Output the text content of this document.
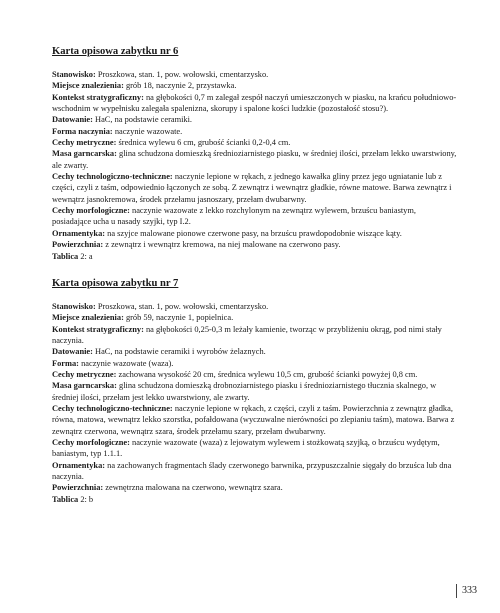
Karta opisowa zabytku nr 6

Stanowisko: Proszkowa, stan. 1, pow. wołowski, cmentarzysko.

Miejsce znalezienia: grób 18, naczynie 2, przystawka.

Kontekst stratygraficzny: na głębokości 0,7 m zalegał zespół naczyń umieszczonych w piasku, na krańcu południowo-wschodnim w wypełnisku zalegała spalenizna, skorupy i spalone kości ludzkie (pozostałość stosu?).

Datowanie: HaC, na podstawie ceramiki.

Forma naczynia: naczynie wazowate.

Cechy metryczne: średnica wylewu 6 cm, grubość ścianki 0,2-0,4 cm.

Masa garncarska: glina schudzona domieszką średnioziarnistego piasku, w średniej ilości, przełam lekko uwarstwiony, ale zwarty.

Cechy technologiczno-techniczne: naczynie lepione w rękach, z jednego kawałka gliny przez jego ugniatanie lub z części, czyli z taśm, odpowiednio łączonych ze sobą. Z zewnątrz i wewnątrz gładkie, równe matowe. Barwa zewnątrz i wewnątrz jasnokremowa, środek przełamu jasnoszary, przełam dwubarwny.

Cechy morfologiczne: naczynie wazowate z lekko rozchylonym na zewnątrz wylewem, brzuścu baniastym, posiadające ucha u nasady szyjki, typ I.2.

Ornamentyka: na szyjce malowane pionowe czerwone pasy, na brzuścu prawdopodobnie wiszące kąty.

Powierzchnia: z zewnątrz i wewnątrz kremowa, na niej malowane na czerwono pasy.

Tablica 2: a

Karta opisowa zabytku nr 7

Stanowisko: Proszkowa, stan. 1, pow. wołowski, cmentarzysko.

Miejsce znalezienia: grób 59, naczynie 1, popielnica.

Kontekst stratygraficzny: na głębokości 0,25-0,3 m leżały kamienie, tworząc w przybliżeniu okrąg, pod nimi stały naczynia.

Datowanie: HaC, na podstawie ceramiki i wyrobów żelaznych.

Forma: naczynie wazowate (waza).

Cechy metryczne: zachowana wysokość 20 cm, średnica wylewu 10,5 cm, grubość ścianki powyżej 0,8 cm.

Masa garncarska: glina schudzona domieszką drobnoziarnistego piasku i średnioziarnistego tłucznia skalnego, w średniej ilości, przełam jest lekko uwarstwiony, ale zwarty.

Cechy technologiczno-techniczne: naczynie lepione w rękach, z części, czyli z taśm. Powierzchnia z zewnątrz gładka, równa, matowa, wewnątrz lekko szorstka, pofałdowana (wyczuwalne nierówności po zlepianiu taśm), matowa. Barwa z zewnątrz czerwona, wewnątrz szara, środek przełamu szary, przełam dwubarwny.

Cechy morfologiczne: naczynie wazowate (waza) z lejowatym wylewem i stożkowatą szyjką, o brzuścu wydętym, baniastym, typ 1.1.1.

Ornamentyka: na zachowanych fragmentach ślady czerwonego barwnika, przypuszczalnie sięgały do brzuśca lub dna naczynia.

Powierzchnia: zewnętrzna malowana na czerwono, wewnątrz szara.

Tablica 2: b

333
